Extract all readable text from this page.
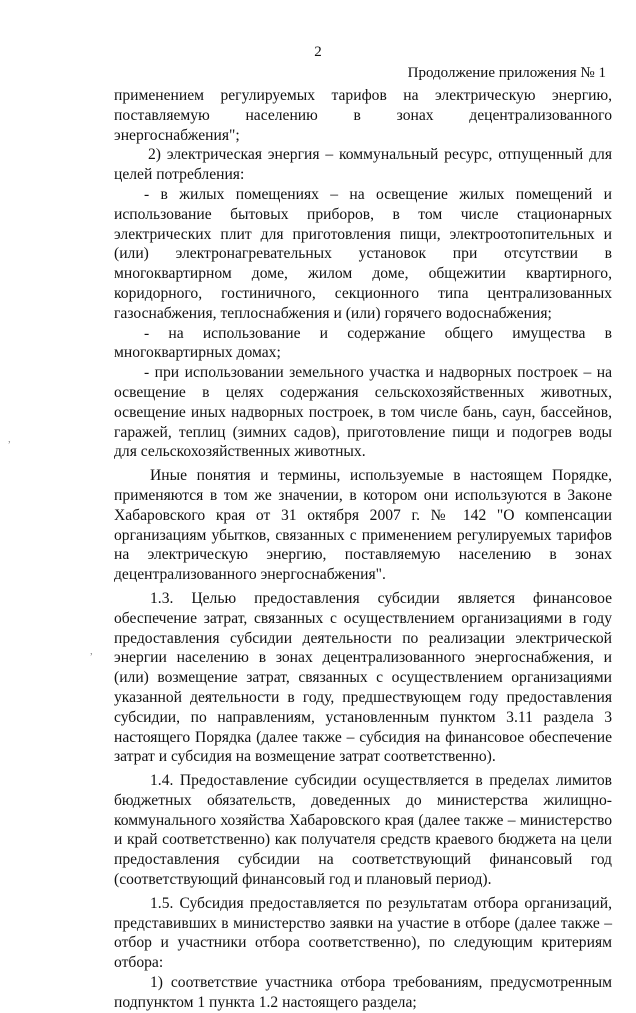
2
Продолжение приложения № 1
,
,

применением регулируемых тарифов на электрическую энергию, поставляемую населению в зонах децентрализованного энергоснабжения";

2) электрическая энергия – коммунальный ресурс, отпущенный для целей потребления:

- в жилых помещениях – на освещение жилых помещений и использование бытовых приборов, в том числе стационарных электрических плит для приготовления пищи, электроотопительных и (или) электронагревательных установок при отсутствии в многоквартирном доме, жилом доме, общежитии квартирного, коридорного, гостиничного, секционного типа централизованных газоснабжения, теплоснабжения и (или) горячего водоснабжения;

- на использование и содержание общего имущества в многоквартирных домах;

- при использовании земельного участка и надворных построек – на освещение в целях содержания сельскохозяйственных животных, освещение иных надворных построек, в том числе бань, саун, бассейнов, гаражей, теплиц (зимних садов), приготовление пищи и подогрев воды для сельскохозяйственных животных.

Иные понятия и термины, используемые в настоящем Порядке, применяются в том же значении, в котором они используются в Законе Хабаровского края от 31 октября 2007 г. № 142 "О компенсации организациям убытков, связанных с применением регулируемых тарифов на электрическую энергию, поставляемую населению в зонах децентрализованного энергоснабжения".

1.3. Целью предоставления субсидии является финансовое обеспечение затрат, связанных с осуществлением организациями в году предоставления субсидии деятельности по реализации электрической энергии населению в зонах децентрализованного энергоснабжения, и (или) возмещение затрат, связанных с осуществлением организациями указанной деятельности в году, предшествующем году предоставления субсидии, по направлениям, установленным пунктом 3.11 раздела 3 настоящего Порядка (далее также – субсидия на финансовое обеспечение затрат и субсидия на возмещение затрат соответственно).

1.4. Предоставление субсидии осуществляется в пределах лимитов бюджетных обязательств, доведенных до министерства жилищно-коммунального хозяйства Хабаровского края (далее также – министерство и край соответственно) как получателя средств краевого бюджета на цели предоставления субсидии на соответствующий финансовый год (соответствующий финансовый год и плановый период).

1.5. Субсидия предоставляется по результатам отбора организаций, представивших в министерство заявки на участие в отборе (далее также – отбор и участники отбора соответственно), по следующим критериям отбора:

1) соответствие участника отбора требованиям, предусмотренным подпунктом 1 пункта 1.2 настоящего раздела;
